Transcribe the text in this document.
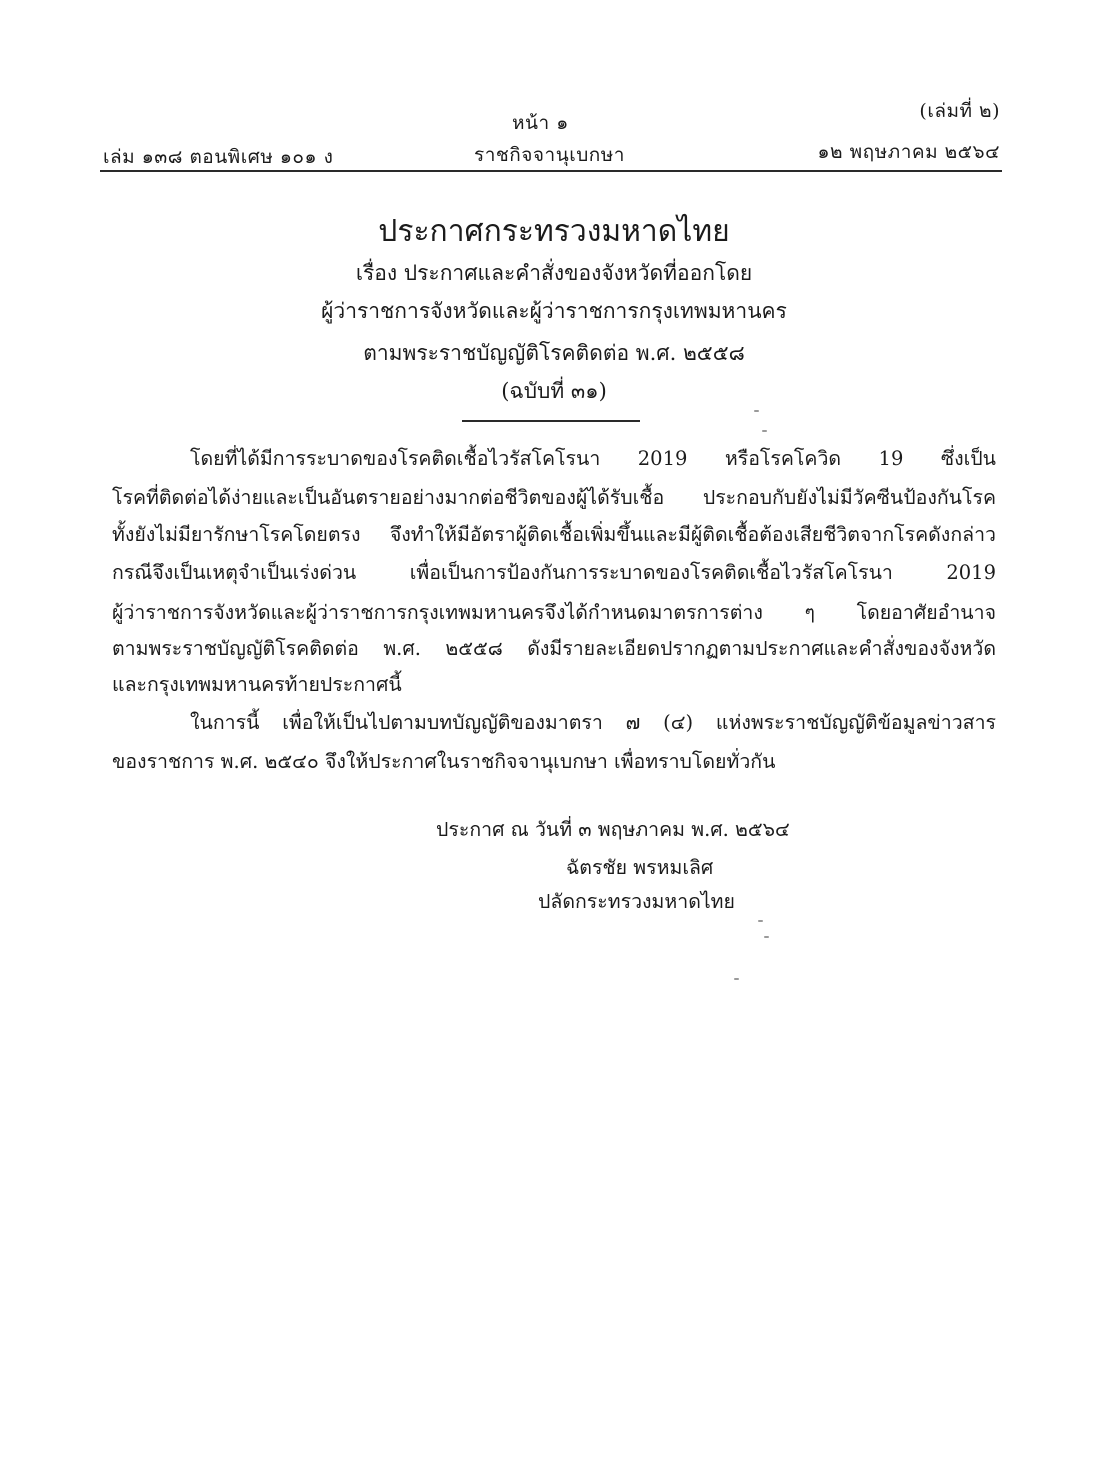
(เล่มที่ ๒)
หน้า ๑
เล่ม ๑๓๘ ตอนพิเศษ ๑๐๑ ง	ราชกิจจานุเบกษา	๑๒ พฤษภาคม ๒๕๖๔
ประกาศกระทรวงมหาดไทย
เรื่อง ประกาศและคำสั่งของจังหวัดที่ออกโดย
ผู้ว่าราชการจังหวัดและผู้ว่าราชการกรุงเทพมหานคร
ตามพระราชบัญญัติโรคติดต่อ พ.ศ. ๒๕๕๘
(ฉบับที่ ๓๑)
โดยที่ได้มีการระบาดของโรคติดเชื้อไวรัสโคโรนา 2019 หรือโรคโควิด 19 ซึ่งเป็น
โรคที่ติดต่อได้ง่ายและเป็นอันตรายอย่างมากต่อชีวิตของผู้ได้รับเชื้อ ประกอบกับยังไม่มีวัคซีนป้องกันโรค
ทั้งยังไม่มียารักษาโรคโดยตรง จึงทำให้มีอัตราผู้ติดเชื้อเพิ่มขึ้นและมีผู้ติดเชื้อต้องเสียชีวิตจากโรคดังกล่าว
กรณีจึงเป็นเหตุจำเป็นเร่งด่วน เพื่อเป็นการป้องกันการระบาดของโรคติดเชื้อไวรัสโคโรนา 2019
ผู้ว่าราชการจังหวัดและผู้ว่าราชการกรุงเทพมหานครจึงได้กำหนดมาตรการต่าง ๆ โดยอาศัยอำนาจ
ตามพระราชบัญญัติโรคติดต่อ พ.ศ. ๒๕๕๘ ดังมีรายละเอียดปรากฏตามประกาศและคำสั่งของจังหวัด
และกรุงเทพมหานครท้ายประกาศนี้
ในการนี้ เพื่อให้เป็นไปตามบทบัญญัติของมาตรา ๗ (๔) แห่งพระราชบัญญัติข้อมูลข่าวสาร
ของราชการ พ.ศ. ๒๕๔๐ จึงให้ประกาศในราชกิจจานุเบกษา เพื่อทราบโดยทั่วกัน
ประกาศ ณ วันที่ ๓ พฤษภาคม พ.ศ. ๒๕๖๔
ฉัตรชัย พรหมเลิศ
ปลัดกระทรวงมหาดไทย
